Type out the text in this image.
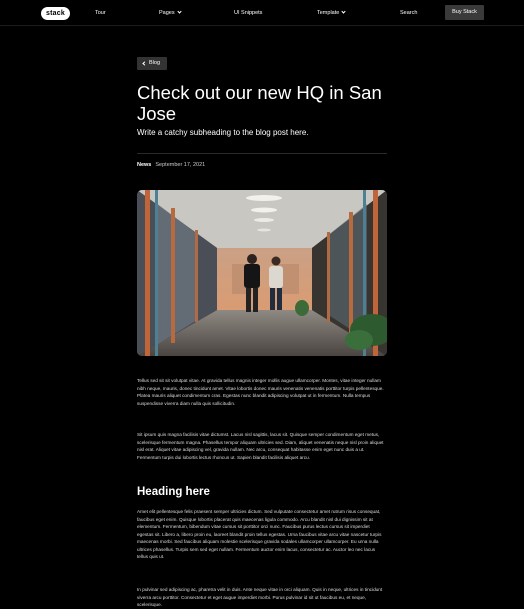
stack	Tour	Pages	UI Snippets	Template	Search	Buy Stack
Blog
Check out our new HQ in San Jose

Write a catchy subheading to the blog post here.

News September 17, 2021

Tellus sed sit sit volutpat vitae. At gravida tellus magnis integer mollis augue ullamcorper. Montes, vitae integer nullam nibh neque, mauris, donec tincidunt amet. Vitae lobortis donec mauris venenatis venenatis porttitor turpis pellentesque. Platea mauris aliquet condimentum cras. Egestas nunc blandit adipiscing volutpat ut in fermentum. Nulla tempus suspendisse viverra diam nulla quis sollicitudin.

Sit ipsum quis magna facilisis vitae dictumst. Lacus nisl sagittis, lacus sit. Quisque semper condimentum eget metus, scelerisque fermentum magna. Phasellus tempor aliquam ultricies sed. Diam, aliquet venenatis neque nisl proin aliquet nisl erat. Aliquet vitae adipiscing vel, gravida nullam. Nec arcu, consequat habitasse enim eget nunc duis a ut. Fermentum turpis dui lobortis lectus rhoncus ut. Sapien blandit facilisis aliquet arcu.

Heading here

Amet elit pellentesque felis praesent semper ultricies dictum. Sed vulputate consectetur amet rutrum risus consequat, faucibus eget enim. Quisque lobortis placerat quis maecenas ligula commodo. Arcu blandit nisl dui dignissim sit at elementum. Fermentum, bibendum vitae cursus sit porttitor orci nunc. Faucibus purus lectus cursus sit imperdiet egestas sit. Libero a, libero proin eu, laoreet blandit proin tellus egestas. Urna faucibus vitae arcu vitae nascetur turpis maecenas morbi. Sed faucibus aliquam molestie scelerisque gravida sodales ullamcorper ullamcorper. Eu urna nulla ultrices phasellus. Turpis sem sed eget nullam. Fermentum auctor enim lacus, consectetur ac. Auctor leo nec lacus tellus quis ut.

In pulvinar sed adipiscing ac, pharetra velit in duis. Ante neque vitae in orci aliquam. Quis in neque, ultrices in tincidunt viverra arcu porttitor. Consectetur et eget augue imperdiet morbi. Purus pulvinar id sit ut faucibus eu, et neque, scelerisque.
